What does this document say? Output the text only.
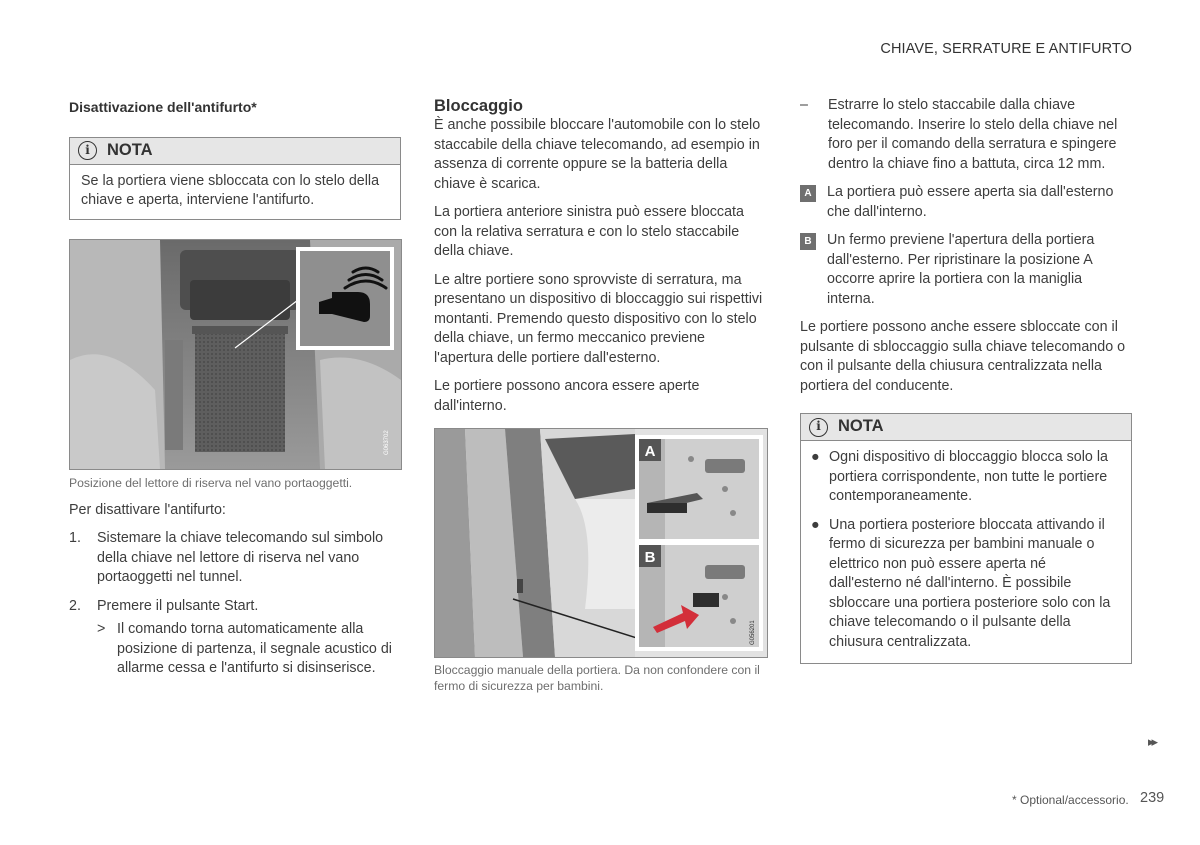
CHIAVE, SERRATURE E ANTIFURTO
Disattivazione dell'antifurto*
i	NOTA
Se la portiera viene sbloccata con lo stelo della chiave e aperta, interviene l'antifurto.
G063702
Posizione del lettore di riserva nel vano portaoggetti.

Per disattivare l'antifurto:

1.	Sistemare la chiave telecomando sul simbolo della chiave nel lettore di riserva nel vano portaoggetti nel tunnel.
2.	Premere il pulsante Start.
> Il comando torna automaticamente alla posizione di partenza, il segnale acustico di allarme cessa e l'antifurto si disinserisce.
Bloccaggio

È anche possibile bloccare l'automobile con lo stelo staccabile della chiave telecomando, ad esempio in assenza di corrente oppure se la batteria della chiave è scarica.

La portiera anteriore sinistra può essere bloccata con la relativa serratura e con lo stelo staccabile della chiave.

Le altre portiere sono sprovviste di serratura, ma presentano un dispositivo di bloccaggio sui rispettivi montanti. Premendo questo dispositivo con lo stelo della chiave, un fermo meccanico previene l'apertura delle portiere dall'esterno.

Le portiere possono ancora essere aperte dall'interno.

A
B
G056201
Bloccaggio manuale della portiera. Da non confondere con il fermo di sicurezza per bambini.
–	Estrarre lo stelo staccabile dalla chiave telecomando. Inserire lo stelo della chiave nel foro per il comando della serratura e spingere dentro la chiave fino a battuta, circa 12 mm.
A	La portiera può essere aperta sia dall'esterno che dall'interno.
B	Un fermo previene l'apertura della portiera dall'esterno. Per ripristinare la posizione A occorre aprire la portiera con la maniglia interna.

Le portiere possono anche essere sbloccate con il pulsante di sbloccaggio sulla chiave telecomando o con il pulsante della chiusura centralizzata nella portiera del conducente.

i	NOTA
● Ogni dispositivo di bloccaggio blocca solo la portiera corrispondente, non tutte le portiere contemporaneamente.
● Una portiera posteriore bloccata attivando il fermo di sicurezza per bambini manuale o elettrico non può essere aperta né dall'esterno né dall'interno. È possibile sbloccare una portiera posteriore solo con la chiave telecomando o il pulsante della chiusura centralizzata.
▸▸
* Optional/accessorio. 239
